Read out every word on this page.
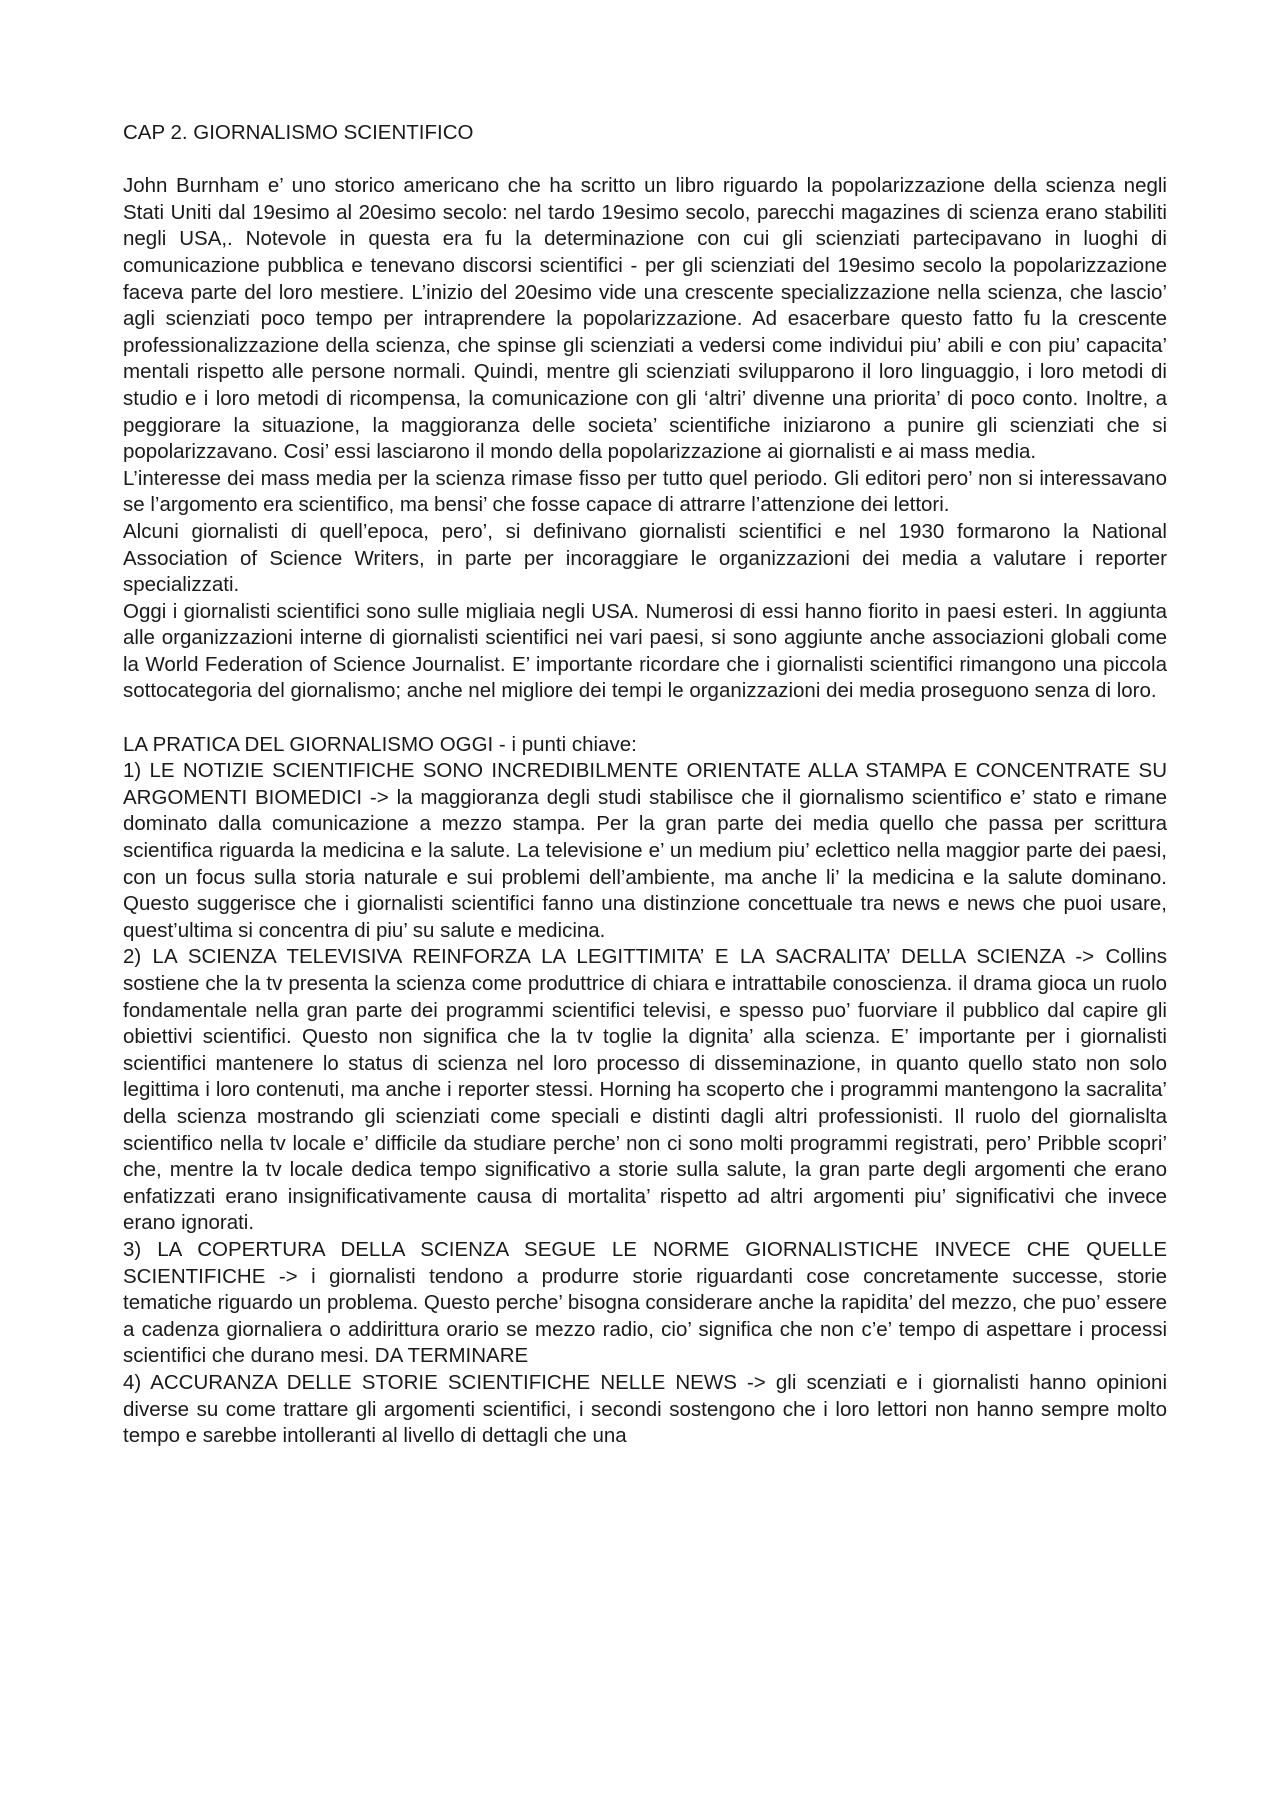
CAP 2. GIORNALISMO SCIENTIFICO

John Burnham e’ uno storico americano che ha scritto un libro riguardo la popolarizzazione della scienza negli Stati Uniti dal 19esimo al 20esimo secolo: nel tardo 19esimo secolo, parecchi magazines di scienza erano stabiliti negli USA,. Notevole in questa era fu la determinazione con cui gli scienziati partecipavano in luoghi di comunicazione pubblica e tenevano discorsi scientifici - per gli scienziati del 19esimo secolo la popolarizzazione faceva parte del loro mestiere. L’inizio del 20esimo vide una crescente specializzazione nella scienza, che lascio’ agli scienziati poco tempo per intraprendere la popolarizzazione. Ad esacerbare questo fatto fu la crescente professionalizzazione della scienza, che spinse gli scienziati a vedersi come individui piu’ abili e con piu’ capacita’ mentali rispetto alle persone normali. Quindi, mentre gli scienziati svilupparono il loro linguaggio, i loro metodi di studio e i loro metodi di ricompensa, la comunicazione con gli ‘altri’ divenne una priorita’ di poco conto. Inoltre, a peggiorare la situazione, la maggioranza delle societa’ scientifiche iniziarono a punire gli scienziati che si popolarizzavano. Cosi’ essi lasciarono il mondo della popolarizzazione ai giornalisti e ai mass media.

L’interesse dei mass media per la scienza rimase fisso per tutto quel periodo. Gli editori pero’ non si interessavano se l’argomento era scientifico, ma bensi’ che fosse capace di attrarre l’attenzione dei lettori.

Alcuni giornalisti di quell’epoca, pero’, si definivano giornalisti scientifici e nel 1930 formarono la National Association of Science Writers, in parte per incoraggiare le organizzazioni dei media a valutare i reporter specializzati.

Oggi i giornalisti scientifici sono sulle migliaia negli USA. Numerosi di essi hanno fiorito in paesi esteri. In aggiunta alle organizzazioni interne di giornalisti scientifici nei vari paesi, si sono aggiunte anche associazioni globali come la World Federation of Science Journalist. E’ importante ricordare che i giornalisti scientifici rimangono una piccola sottocategoria del giornalismo; anche nel migliore dei tempi le organizzazioni dei media proseguono senza di loro.

LA PRATICA DEL GIORNALISMO OGGI - i punti chiave:

1) LE NOTIZIE SCIENTIFICHE SONO INCREDIBILMENTE ORIENTATE ALLA STAMPA E CONCENTRATE SU ARGOMENTI BIOMEDICI -> la maggioranza degli studi stabilisce che il giornalismo scientifico e’ stato e rimane dominato dalla comunicazione a mezzo stampa. Per la gran parte dei media quello che passa per scrittura scientifica riguarda la medicina e la salute. La televisione e’ un medium piu’ eclettico nella maggior parte dei paesi, con un focus sulla storia naturale e sui problemi dell’ambiente, ma anche li’ la medicina e la salute dominano. Questo suggerisce che i giornalisti scientifici fanno una distinzione concettuale tra news e news che puoi usare, quest’ultima si concentra di piu’ su salute e medicina.

2) LA SCIENZA TELEVISIVA REINFORZA LA LEGITTIMITA’ E LA SACRALITA’ DELLA SCIENZA -> Collins sostiene che la tv presenta la scienza come produttrice di chiara e intrattabile conoscienza. il drama gioca un ruolo fondamentale nella gran parte dei programmi scientifici televisi, e spesso puo’ fuorviare il pubblico dal capire gli obiettivi scientifici. Questo non significa che la tv toglie la dignita’ alla scienza. E’ importante per i giornalisti scientifici mantenere lo status di scienza nel loro processo di disseminazione, in quanto quello stato non solo legittima i loro contenuti, ma anche i reporter stessi. Horning ha scoperto che i programmi mantengono la sacralita’ della scienza mostrando gli scienziati come speciali e distinti dagli altri professionisti. Il ruolo del giornalislta scientifico nella tv locale e’ difficile da studiare perche’ non ci sono molti programmi registrati, pero’ Pribble scopri’ che, mentre la tv locale dedica tempo significativo a storie sulla salute, la gran parte degli argomenti che erano enfatizzati erano insignificativamente causa di mortalita’ rispetto ad altri argomenti piu’ significativi che invece erano ignorati.

3) LA COPERTURA DELLA SCIENZA SEGUE LE NORME GIORNALISTICHE INVECE CHE QUELLE SCIENTIFICHE -> i giornalisti tendono a produrre storie riguardanti cose concretamente successe, storie tematiche riguardo un problema. Questo perche’ bisogna considerare anche la rapidita’ del mezzo, che puo’ essere a cadenza giornaliera o addirittura orario se mezzo radio, cio’ significa che non c’e’ tempo di aspettare i processi scientifici che durano mesi. DA TERMINARE

4) ACCURANZA DELLE STORIE SCIENTIFICHE NELLE NEWS -> gli scenziati e i giornalisti hanno opinioni diverse su come trattare gli argomenti scientifici, i secondi sostengono che i loro lettori non hanno sempre molto tempo e sarebbe intolleranti al livello di dettagli che una
